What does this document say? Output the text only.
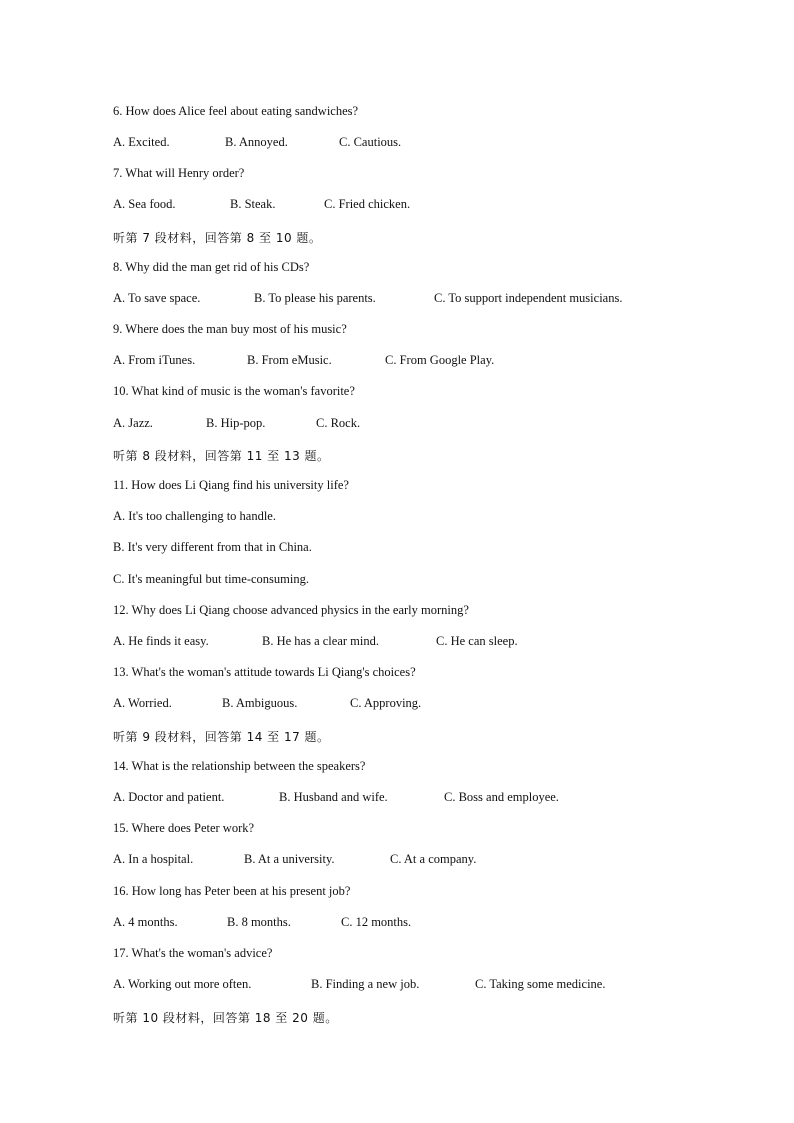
6. How does Alice feel about eating sandwiches?
A. Excited.	B. Annoyed.	C. Cautious.
7. What will Henry order?
A. Sea food.	B. Steak.	C. Fried chicken.
听第 7 段材料，回答第 8 至 10 题。
8. Why did the man get rid of his CDs?
A. To save space.	B. To please his parents.	C. To support independent musicians.
9. Where does the man buy most of his music?
A. From iTunes.	B. From eMusic.	C. From Google Play.
10. What kind of music is the woman's favorite?
A. Jazz.	B. Hip-pop.	C. Rock.
听第 8 段材料，回答第 11 至 13 题。
11. How does Li Qiang find his university life?
A. It's too challenging to handle.
B. It's very different from that in China.
C. It's meaningful but time-consuming.
12. Why does Li Qiang choose advanced physics in the early morning?
A. He finds it easy.	B. He has a clear mind.	C. He can sleep.
13. What's the woman's attitude towards Li Qiang's choices?
A. Worried.	B. Ambiguous.	C. Approving.
听第 9 段材料，回答第 14 至 17 题。
14. What is the relationship between the speakers?
A. Doctor and patient.	B. Husband and wife.	C. Boss and employee.
15. Where does Peter work?
A. In a hospital.	B. At a university.	C. At a company.
16. How long has Peter been at his present job?
A. 4 months.	B. 8 months.	C. 12 months.
17. What's the woman's advice?
A. Working out more often.	B. Finding a new job.	C. Taking some medicine.
听第 10 段材料，回答第 18 至 20 题。
